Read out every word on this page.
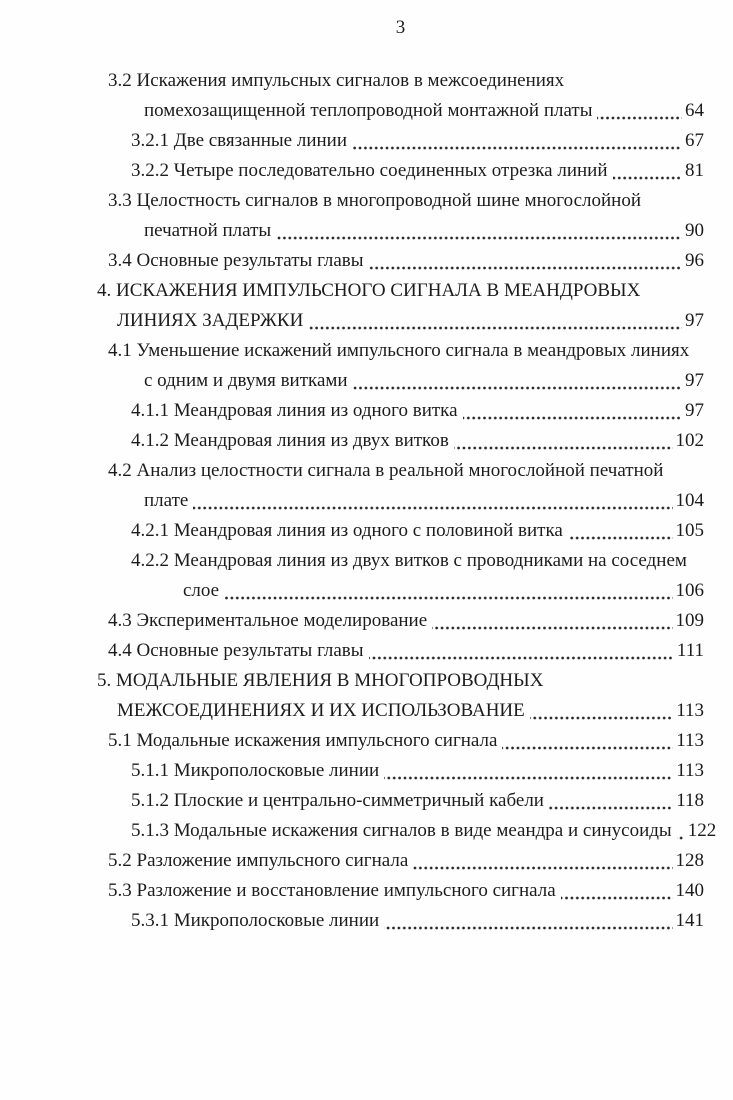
3
3.2 Искажения импульсных сигналов в межсоединениях
помехозащищенной теплопроводной монтажной платы	64
3.2.1 Две связанные линии	67
3.2.2 Четыре последовательно соединенных отрезка линий	81
3.3 Целостность сигналов в многопроводной шине многослойной
печатной платы	90
3.4 Основные результаты главы	96
4. ИСКАЖЕНИЯ ИМПУЛЬСНОГО СИГНАЛА В МЕАНДРОВЫХ
ЛИНИЯХ ЗАДЕРЖКИ	97
4.1 Уменьшение искажений импульсного сигнала в меандровых линиях
с одним и двумя витками	97
4.1.1 Меандровая линия из одного витка	97
4.1.2 Меандровая линия из двух витков	102
4.2 Анализ целостности сигнала в реальной многослойной печатной
плате	104
4.2.1 Меандровая линия из одного с половиной витка	105
4.2.2 Меандровая линия из двух витков с проводниками на соседнем
слое	106
4.3 Экспериментальное моделирование	109
4.4 Основные результаты главы	111
5. МОДАЛЬНЫЕ ЯВЛЕНИЯ В МНОГОПРОВОДНЫХ
МЕЖСОЕДИНЕНИЯХ И ИХ ИСПОЛЬЗОВАНИЕ	113
5.1 Модальные искажения импульсного сигнала	113
5.1.1 Микрополосковые линии	113
5.1.2 Плоские и центрально-симметричный кабели	118
5.1.3 Модальные искажения сигналов в виде меандра и синусоиды 122
5.2 Разложение импульсного сигнала	128
5.3 Разложение и восстановление импульсного сигнала	140
5.3.1 Микрополосковые линии	141
